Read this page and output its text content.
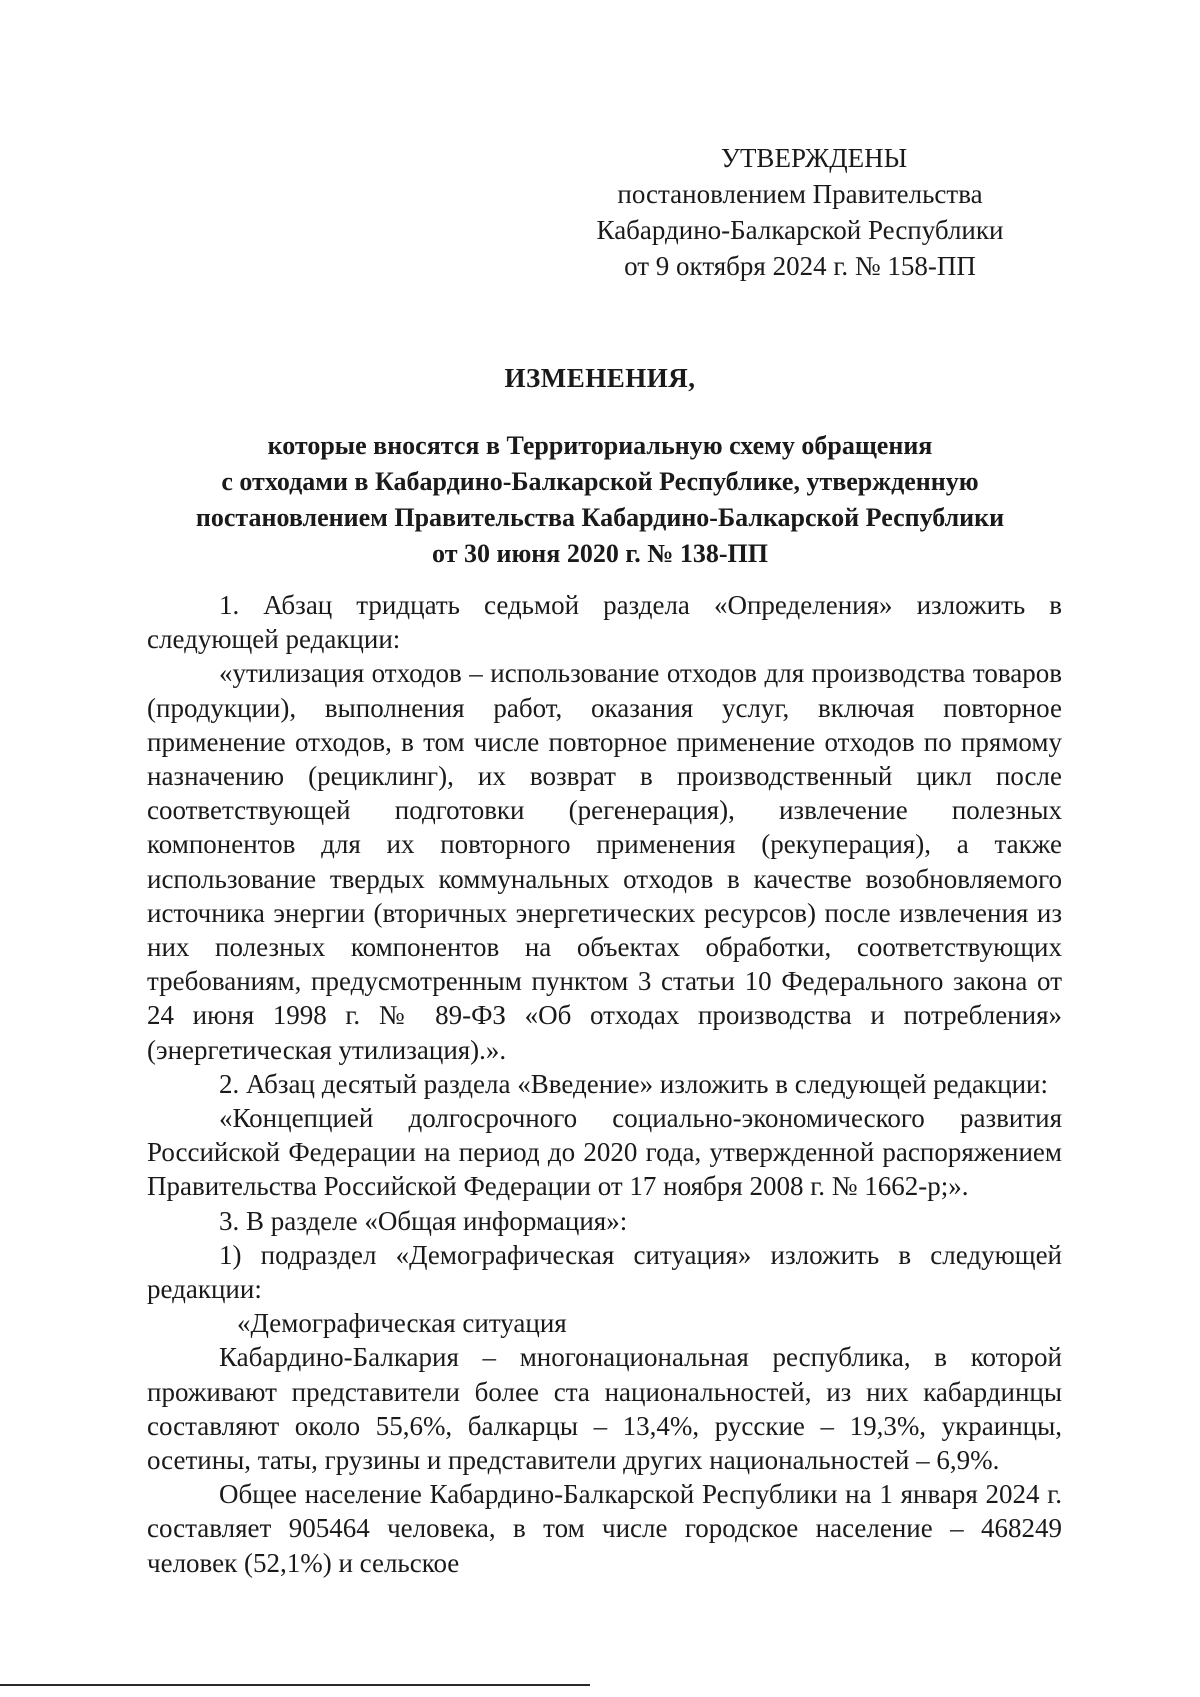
УТВЕРЖДЕНЫ
постановлением Правительства
Кабардино-Балкарской Республики
от 9 октября 2024 г. № 158-ПП
ИЗМЕНЕНИЯ,
которые вносятся в Территориальную схему обращения
с отходами в Кабардино-Балкарской Республике, утвержденную
постановлением Правительства Кабардино-Балкарской Республики
от 30 июня 2020 г. № 138-ПП

1. Абзац тридцать седьмой раздела «Определения» изложить в следующей редакции:

«утилизация отходов – использование отходов для производства товаров (продукции), выполнения работ, оказания услуг, включая повторное применение отходов, в том числе повторное применение отходов по прямому назначению (рециклинг), их возврат в производственный цикл после соответствующей подготовки (регенерация), извлечение полезных компонентов для их повторного применения (рекуперация), а также использование твердых коммунальных отходов в качестве возобновляемого источника энергии (вторичных энергетических ресурсов) после извлечения из них полезных компонентов на объектах обработки, соответствующих требованиям, предусмотренным пунктом 3 статьи 10 Федерального закона от 24 июня 1998 г. № 89-ФЗ «Об отходах производства и потребления» (энергетическая утилизация).».

2. Абзац десятый раздела «Введение» изложить в следующей редакции:

«Концепцией долгосрочного социально-экономического развития Российской Федерации на период до 2020 года, утвержденной распоряжением Правительства Российской Федерации от 17 ноября 2008 г. № 1662-р;».

3. В разделе «Общая информация»:

1) подраздел «Демографическая ситуация» изложить в следующей редакции:

«Демографическая ситуация

Кабардино-Балкария – многонациональная республика, в которой проживают представители более ста национальностей, из них кабардинцы составляют около 55,6%, балкарцы – 13,4%, русские – 19,3%, украинцы, осетины, таты, грузины и представители других национальностей – 6,9%.

Общее население Кабардино-Балкарской Республики на 1 января 2024 г. составляет 905464 человека, в том числе городское население – 468249 человек (52,1%) и сельское
